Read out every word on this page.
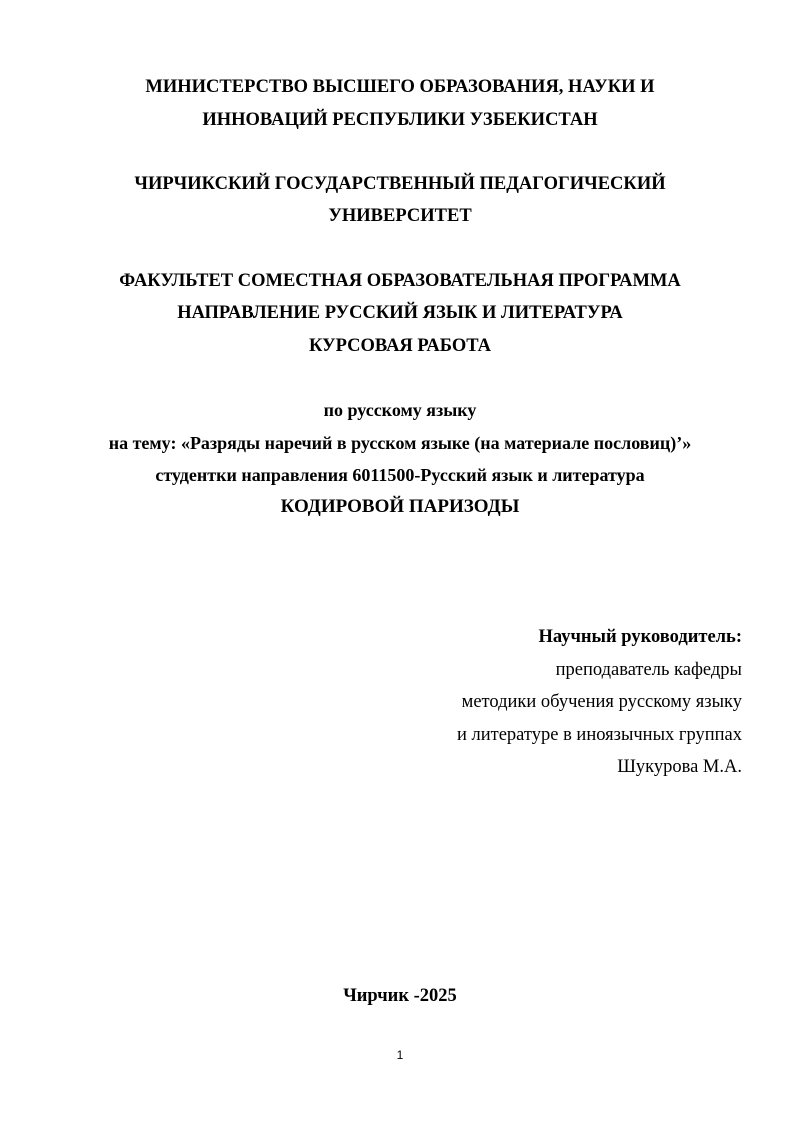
МИНИСТЕРСТВО ВЫСШЕГО ОБРАЗОВАНИЯ, НАУКИ И
ИННОВАЦИЙ РЕСПУБЛИКИ УЗБЕКИСТАН
ЧИРЧИКСКИЙ ГОСУДАРСТВЕННЫЙ ПЕДАГОГИЧЕСКИЙ
УНИВЕРСИТЕТ
ФАКУЛЬТЕТ СОМЕСТНАЯ ОБРАЗОВАТЕЛЬНАЯ ПРОГРАММА
НАПРАВЛЕНИЕ РУССКИЙ ЯЗЫК И ЛИТЕРАТУРА
КУРСОВАЯ РАБОТА
по русскому языку
на тему: «Разряды наречий в русском языке (на материале пословиц)’»
студентки направления 6011500-Русский язык и литература
КОДИРОВОЙ ПАРИЗОДЫ
Научный руководитель:
преподаватель кафедры
методики обучения русскому языку
и литературе в иноязычных группах
Шукурова М.А.
Чирчик -2025
1
